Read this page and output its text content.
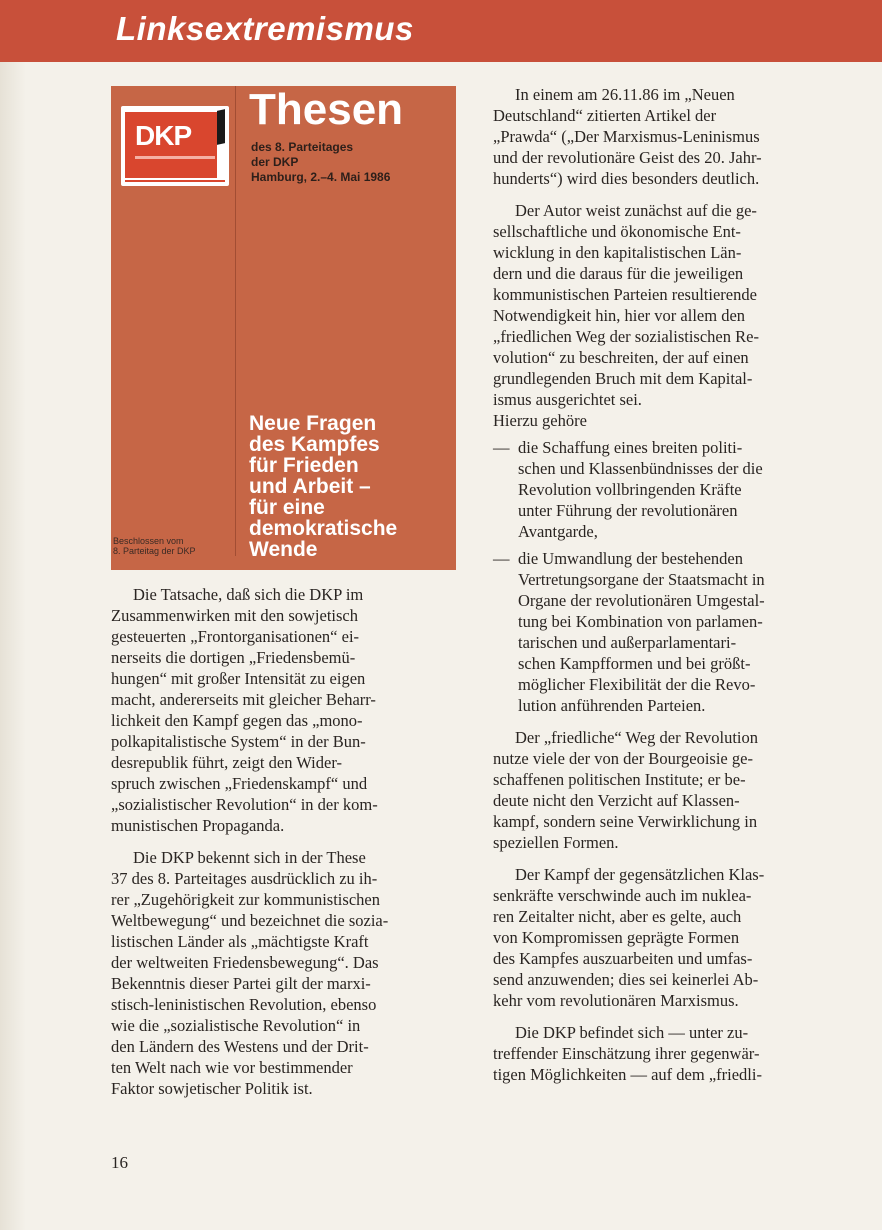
Linksextremismus

DKP

Thesen
des 8. Parteitages
der DKP
Hamburg, 2.–4. Mai 1986
Neue Fragen
des Kampfes
für Frieden
und Arbeit –
für eine
demokratische
Wende
Beschlossen vom
8. Parteitag der DKP

Die Tatsache, daß sich die DKP im
Zusammenwirken mit den sowjetisch
gesteuerten „Frontorganisationen“ ei-
nerseits die dortigen „Friedensbemü-
hungen“ mit großer Intensität zu eigen
macht, andererseits mit gleicher Beharr-
lichkeit den Kampf gegen das „mono-
polkapitalistische System“ in der Bun-
desrepublik führt, zeigt den Wider-
spruch zwischen „Friedenskampf“ und
„sozialistischer Revolution“ in der kom-
munistischen Propaganda.

Die DKP bekennt sich in der These
37 des 8. Parteitages ausdrücklich zu ih-
rer „Zugehörigkeit zur kommunistischen
Weltbewegung“ und bezeichnet die sozia-
listischen Länder als „mächtigste Kraft
der weltweiten Friedensbewegung“. Das
Bekenntnis dieser Partei gilt der marxi-
stisch-leninistischen Revolution, ebenso
wie die „sozialistische Revolution“ in
den Ländern des Westens und der Drit-
ten Welt nach wie vor bestimmender
Faktor sowjetischer Politik ist.

In einem am 26.11.86 im „Neuen
Deutschland“ zitierten Artikel der
„Prawda“ („Der Marxismus-Leninismus
und der revolutionäre Geist des 20. Jahr-
hunderts“) wird dies besonders deutlich.

Der Autor weist zunächst auf die ge-
sellschaftliche und ökonomische Ent-
wicklung in den kapitalistischen Län-
dern und die daraus für die jeweiligen
kommunistischen Parteien resultierende
Notwendigkeit hin, hier vor allem den
„friedlichen Weg der sozialistischen Re-
volution“ zu beschreiten, der auf einen
grundlegenden Bruch mit dem Kapital-
ismus ausgerichtet sei.

Hierzu gehöre

— die Schaffung eines breiten politi-
schen und Klassenbündnisses der die
Revolution vollbringenden Kräfte
unter Führung der revolutionären
Avantgarde,
— die Umwandlung der bestehenden
Vertretungsorgane der Staatsmacht in
Organe der revolutionären Umgestal-
tung bei Kombination von parlamen-
tarischen und außerparlamentari-
schen Kampfformen und bei größt-
möglicher Flexibilität der die Revo-
lution anführenden Parteien.

Der „friedliche“ Weg der Revolution
nutze viele der von der Bourgeoisie ge-
schaffenen politischen Institute; er be-
deute nicht den Verzicht auf Klassen-
kampf, sondern seine Verwirklichung in
speziellen Formen.

Der Kampf der gegensätzlichen Klas-
senkräfte verschwinde auch im nuklea-
ren Zeitalter nicht, aber es gelte, auch
von Kompromissen geprägte Formen
des Kampfes auszuarbeiten und umfas-
send anzuwenden; dies sei keinerlei Ab-
kehr vom revolutionären Marxismus.

Die DKP befindet sich — unter zu-
treffender Einschätzung ihrer gegenwär-
tigen Möglichkeiten — auf dem „friedli-

16
